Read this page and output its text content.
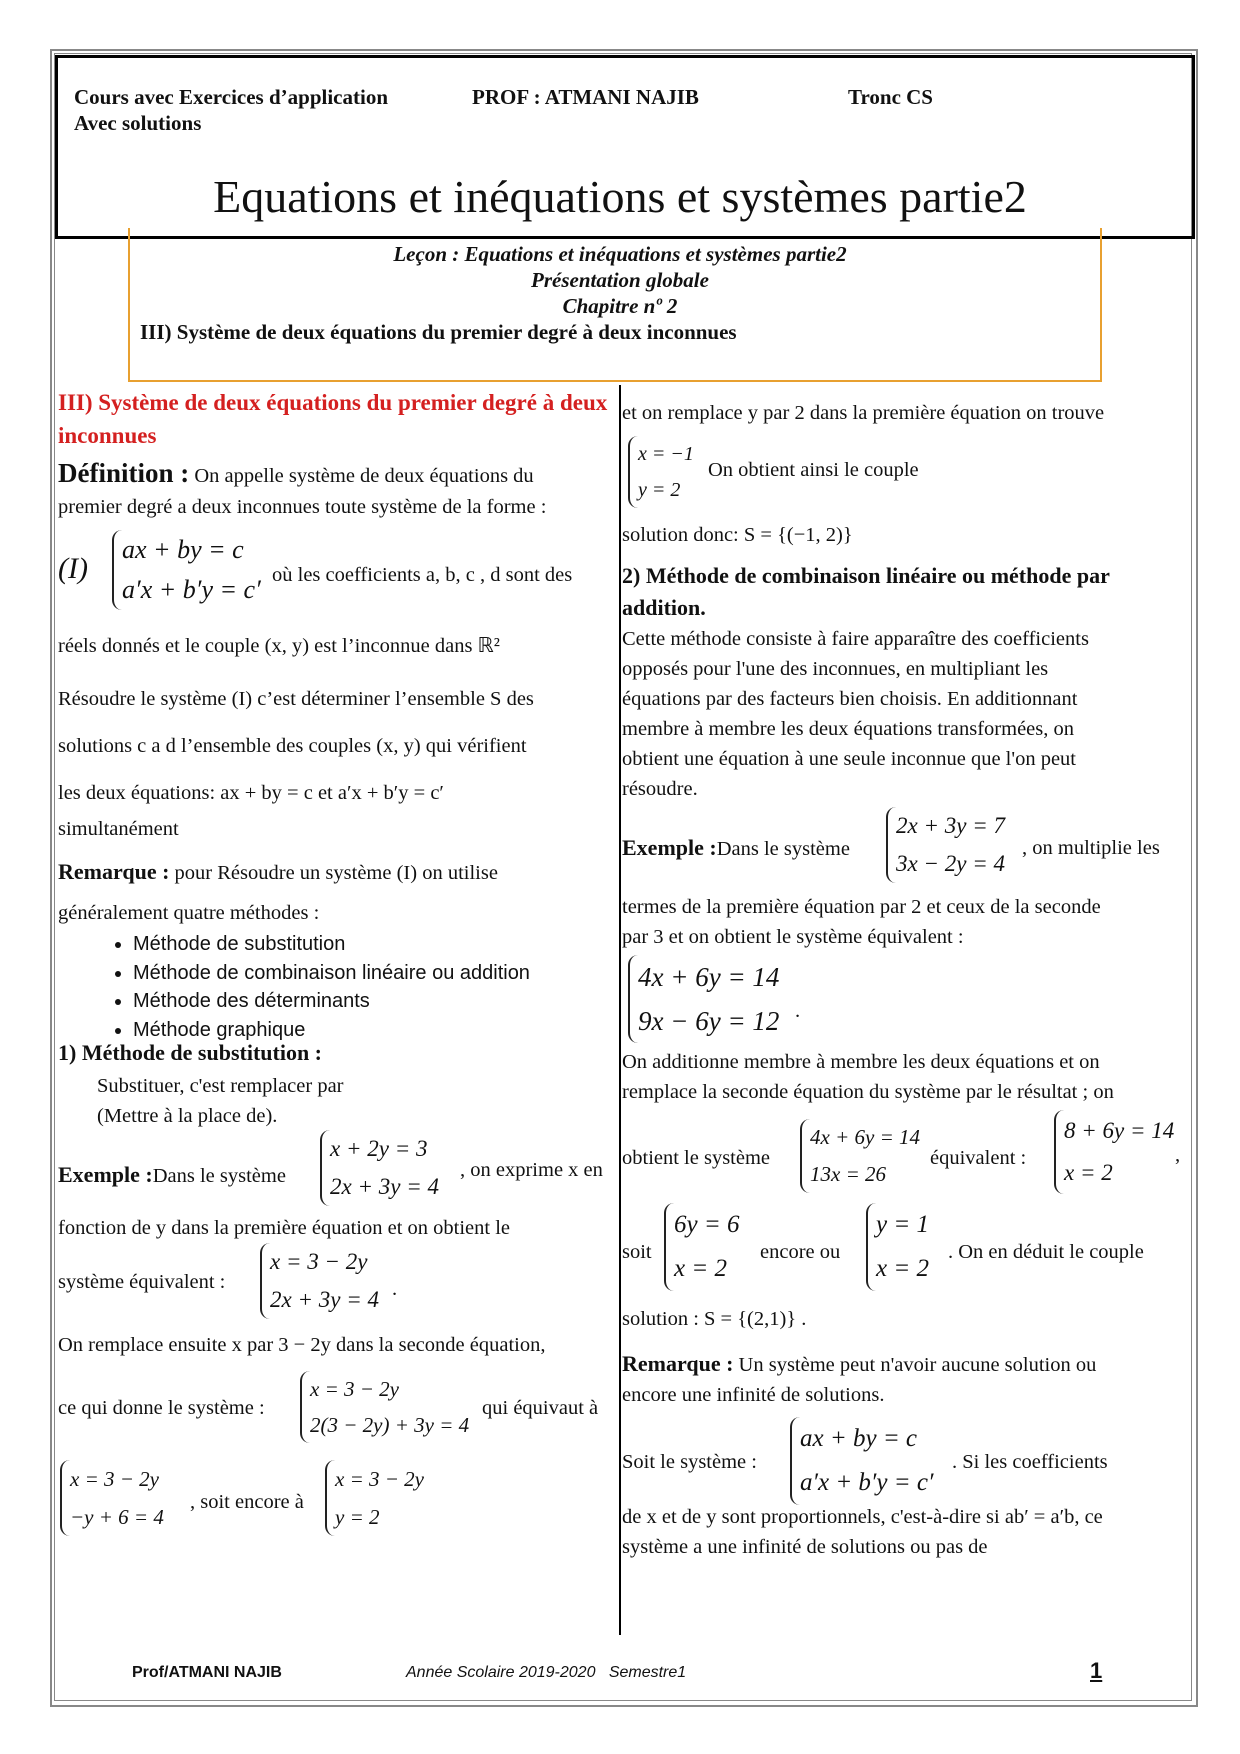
Cours avec Exercices d’application
Avec solutions
PROF : ATMANI NAJIB	Tronc CS
Equations et inéquations et systèmes partie2
Leçon : Equations et inéquations et systèmes partie2
Présentation globale
Chapitre nº 2
III) Système de deux équations du premier degré à deux inconnues
III) Système de deux équations du premier degré à deux inconnues
Définition : On appelle système de deux équations du
premier degré a deux inconnues toute système de la forme :
(I)
ax + by = c
a′x + b′y = c′ où les coefficients a, b, c , d sont des
réels donnés et le couple (x, y) est l’inconnue dans ℝ²
Résoudre le système (I) c’est déterminer l’ensemble S des
solutions c a d l’ensemble des couples (x, y) qui vérifient
les deux équations: ax + by = c et a′x + b′y = c′
simultanément
Remarque : pour Résoudre un système (I) on utilise
généralement quatre méthodes :
• Méthode de substitution
• Méthode de combinaison linéaire ou addition
• Méthode des déterminants
• Méthode graphique
1) Méthode de substitution :
Substituer, c'est remplacer par
(Mettre à la place de).
Exemple :Dans le système
x + 2y = 3
2x + 3y = 4
, on exprime x en
fonction de y dans la première équation et on obtient le
système équivalent :
x = 3 − 2y
2x + 3y = 4 .
On remplace ensuite x par 3 − 2y dans la seconde équation,
ce qui donne le système :
x = 3 − 2y
2(3 − 2y) + 3y = 4
qui équivaut à
x = 3 − 2y
−y + 6 = 4
, soit encore à
x = 3 − 2y
y = 2
et on remplace y par 2 dans la première équation on trouve
x = −1
y = 2
On obtient ainsi le couple
solution donc: S = {(−1, 2)}
2) Méthode de combinaison linéaire ou méthode par addition.
Cette méthode consiste à faire apparaître des coefficients
opposés pour l'une des inconnues, en multipliant les
équations par des facteurs bien choisis. En additionnant
membre à membre les deux équations transformées, on
obtient une équation à une seule inconnue que l'on peut
résoudre.
Exemple :Dans le système
2x + 3y = 7
3x − 2y = 4
, on multiplie les
termes de la première équation par 2 et ceux de la seconde
par 3 et on obtient le système équivalent :
4x + 6y = 14
9x − 6y = 12 .
On additionne membre à membre les deux équations et on
remplace la seconde équation du système par le résultat ; on
obtient le système
4x + 6y = 14
13x = 26
équivalent :
8 + 6y = 14
x = 2
,
soit
6y = 6
x = 2
encore ou
y = 1
x = 2
. On en déduit le couple
solution : S = {(2,1)} .
Remarque : Un système peut n'avoir aucune solution ou
encore une infinité de solutions.
Soit le système :
ax + by = c
a′x + b′y = c′
. Si les coefficients
de x et de y sont proportionnels, c'est-à-dire si ab′ = a′b, ce
système a une infinité de solutions ou pas de
Prof/ATMANI NAJIB	Année Scolaire 2019-2020   Semestre1	1
